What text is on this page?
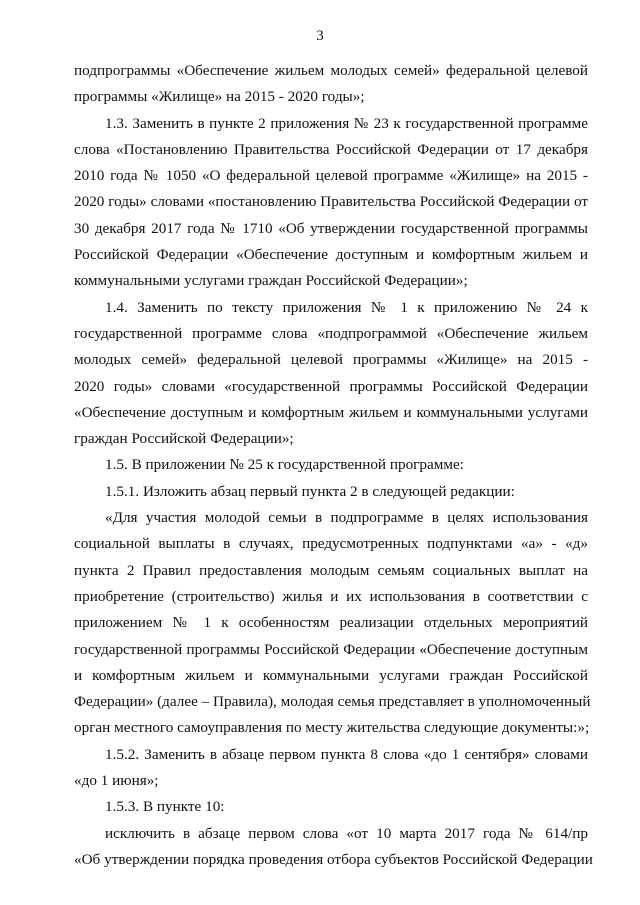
3
подпрограммы «Обеспечение жильем молодых семей» федеральной целевой
программы «Жилище» на 2015 - 2020 годы»;
1.3. Заменить в пункте 2 приложения № 23 к государственной программе
слова «Постановлению Правительства Российской Федерации от 17 декабря
2010 года № 1050 «О федеральной целевой программе «Жилище» на 2015 -
2020 годы» словами «постановлению Правительства Российской Федерации от
30 декабря 2017 года № 1710 «Об утверждении государственной программы
Российской Федерации «Обеспечение доступным и комфортным жильем и
коммунальными услугами граждан Российской Федерации»;
1.4. Заменить по тексту приложения № 1 к приложению № 24 к
государственной программе слова «подпрограммой «Обеспечение жильем
молодых семей» федеральной целевой программы «Жилище» на 2015 -
2020 годы» словами «государственной программы Российской Федерации
«Обеспечение доступным и комфортным жильем и коммунальными услугами
граждан Российской Федерации»;
1.5. В приложении № 25 к государственной программе:
1.5.1. Изложить абзац первый пункта 2 в следующей редакции:
«Для участия молодой семьи в подпрограмме в целях использования
социальной выплаты в случаях, предусмотренных подпунктами «а» - «д»
пункта 2 Правил предоставления молодым семьям социальных выплат на
приобретение (строительство) жилья и их использования в соответствии с
приложением № 1 к особенностям реализации отдельных мероприятий
государственной программы Российской Федерации «Обеспечение доступным
и комфортным жильем и коммунальными услугами граждан Российской
Федерации» (далее – Правила), молодая семья представляет в уполномоченный
орган местного самоуправления по месту жительства следующие документы:»;
1.5.2. Заменить в абзаце первом пункта 8 слова «до 1 сентября» словами
«до 1 июня»;
1.5.3. В пункте 10:
исключить в абзаце первом слова «от 10 марта 2017 года № 614/пр
«Об утверждении порядка проведения отбора субъектов Российской Федерации
